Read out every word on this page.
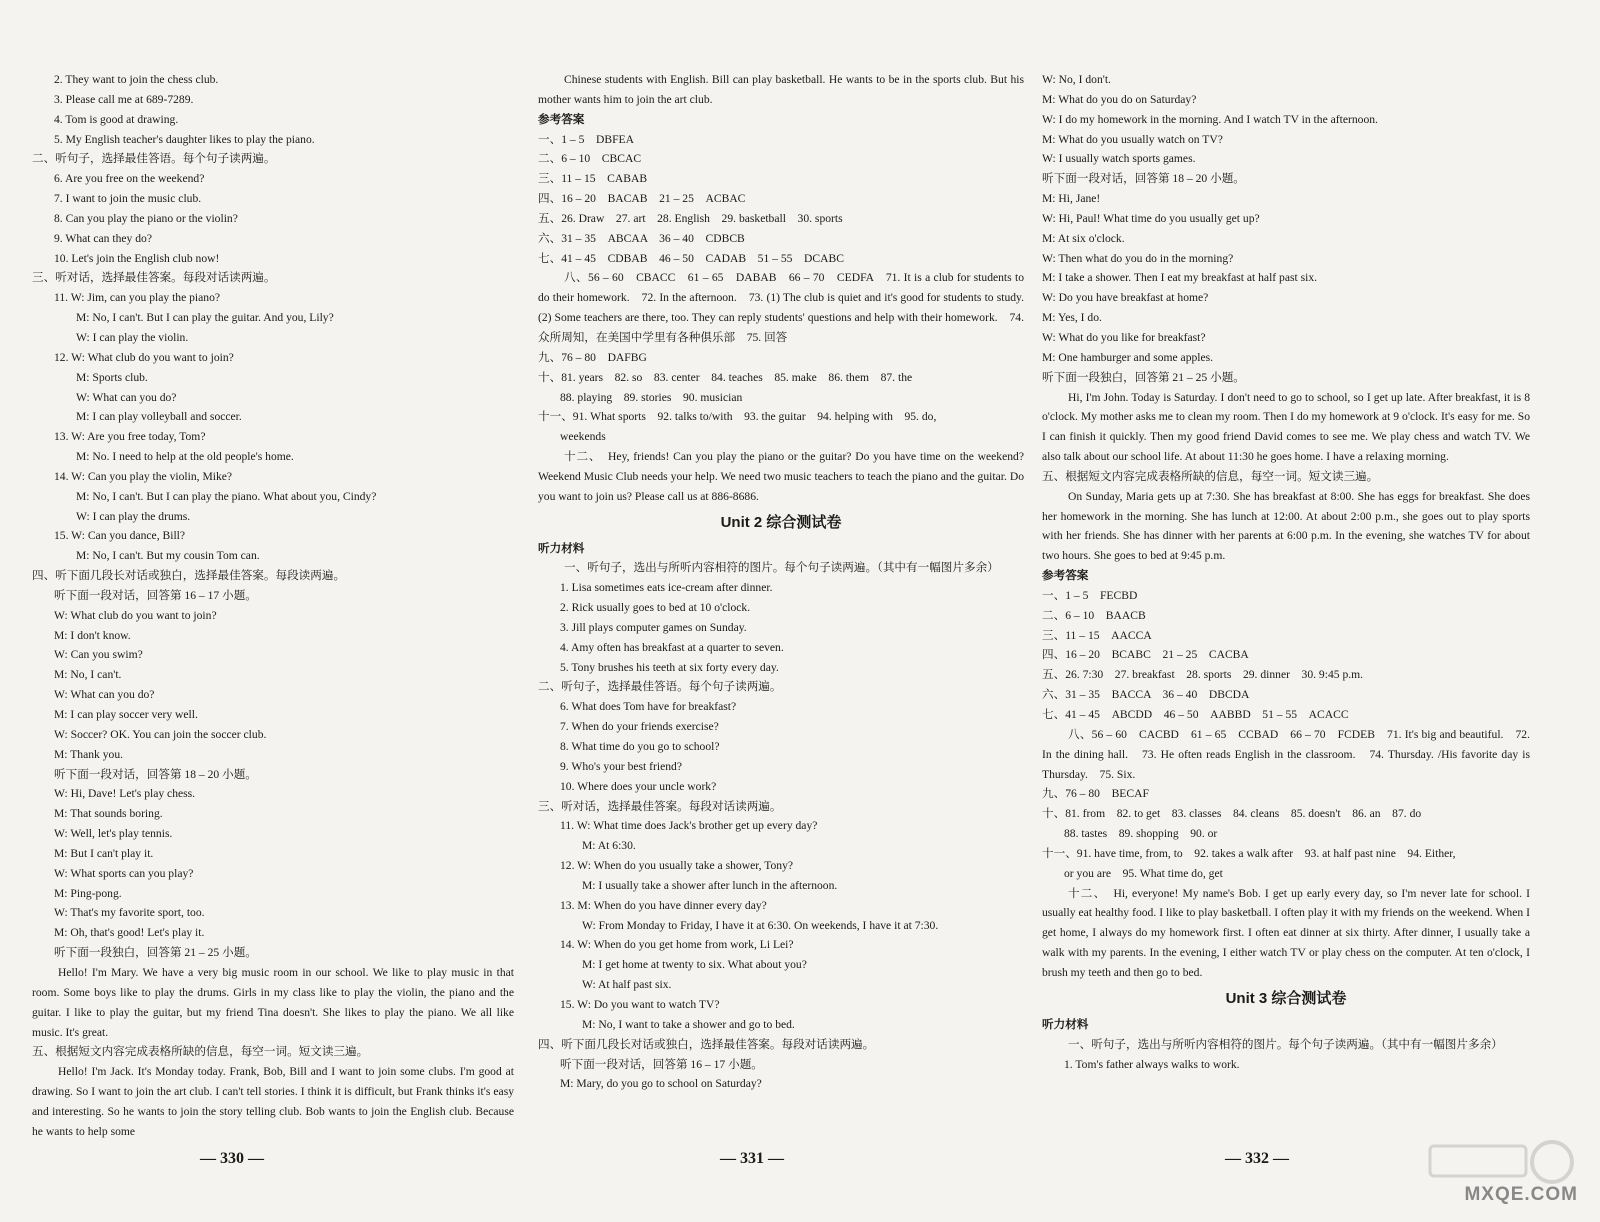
2. They want to join the chess club.
3. Please call me at 689-7289.
4. Tom is good at drawing.
5. My English teacher's daughter likes to play the piano.
二、听句子，选择最佳答语。每个句子读两遍。
6. Are you free on the weekend?
7. I want to join the music club.
8. Can you play the piano or the violin?
9. What can they do?
10. Let's join the English club now!
三、听对话，选择最佳答案。每段对话读两遍。
11. W: Jim, can you play the piano?
M: No, I can't. But I can play the guitar. And you, Lily?
W: I can play the violin.
12. W: What club do you want to join?
M: Sports club.
W: What can you do?
M: I can play volleyball and soccer.
13. W: Are you free today, Tom?
M: No. I need to help at the old people's home.
14. W: Can you play the violin, Mike?
M: No, I can't. But I can play the piano. What about you, Cindy?
W: I can play the drums.
15. W: Can you dance, Bill?
M: No, I can't. But my cousin Tom can.
四、听下面几段长对话或独白，选择最佳答案。每段读两遍。
听下面一段对话，回答第 16 – 17 小题。
W: What club do you want to join?
M: I don't know.
W: Can you swim?
M: No, I can't.
W: What can you do?
M: I can play soccer very well.
W: Soccer? OK. You can join the soccer club.
M: Thank you.
听下面一段对话，回答第 18 – 20 小题。
W: Hi, Dave! Let's play chess.
M: That sounds boring.
W: Well, let's play tennis.
M: But I can't play it.
W: What sports can you play?
M: Ping-pong.
W: That's my favorite sport, too.
M: Oh, that's good! Let's play it.
听下面一段独白，回答第 21 – 25 小题。
Hello! I'm Mary. We have a very big music room in our school. We like to play music in that room. Some boys like to play the drums. Girls in my class like to play the violin, the piano and the guitar. I like to play the guitar, but my friend Tina doesn't. She likes to play the piano. We all like music. It's great.
五、根据短文内容完成表格所缺的信息，每空一词。短文读三遍。
Hello! I'm Jack. It's Monday today. Frank, Bob, Bill and I want to join some clubs. I'm good at drawing. So I want to join the art club. I can't tell stories. I think it is difficult, but Frank thinks it's easy and interesting. So he wants to join the story telling club. Bob wants to join the English club. Because he wants to help some
Chinese students with English. Bill can play basketball. He wants to be in the sports club. But his mother wants him to join the art club.
参考答案
一、1 – 5　DBFEA
二、6 – 10　CBCAC
三、11 – 15　CABAB
四、16 – 20　BACAB　21 – 25　ACBAC
五、26. Draw　27. art　28. English　29. basketball　30. sports
六、31 – 35　ABCAA　36 – 40　CDBCB
七、41 – 45　CDBAB　46 – 50　CADAB　51 – 55　DCABC
八、56 – 60　CBACC　61 – 65　DABAB　66 – 70　CEDFA　71. It is a club for students to do their homework.　72. In the afternoon.　73. (1) The club is quiet and it's good for students to study.　(2) Some teachers are there, too. They can reply students' questions and help with their homework.　74. 众所周知，在美国中学里有各种俱乐部　75. 回答
九、76 – 80　DAFBG
十、81. years　82. so　83. center　84. teaches　85. make　86. them　87. the
88. playing　89. stories　90. musician
十一、91. What sports　92. talks to/with　93. the guitar　94. helping with　95. do,
weekends
十二、　Hey, friends! Can you play the piano or the guitar? Do you have time on the weekend? Weekend Music Club needs your help. We need two music teachers to teach the piano and the guitar. Do you want to join us? Please call us at 886-8686.
Unit 2 综合测试卷
听力材料
一、听句子，选出与所听内容相符的图片。每个句子读两遍。（其中有一幅图片多余）
1. Lisa sometimes eats ice-cream after dinner.
2. Rick usually goes to bed at 10 o'clock.
3. Jill plays computer games on Sunday.
4. Amy often has breakfast at a quarter to seven.
5. Tony brushes his teeth at six forty every day.
二、听句子，选择最佳答语。每个句子读两遍。
6. What does Tom have for breakfast?
7. When do your friends exercise?
8. What time do you go to school?
9. Who's your best friend?
10. Where does your uncle work?
三、听对话，选择最佳答案。每段对话读两遍。
11. W: What time does Jack's brother get up every day?
M: At 6:30.
12. W: When do you usually take a shower, Tony?
M: I usually take a shower after lunch in the afternoon.
13. M: When do you have dinner every day?
W: From Monday to Friday, I have it at 6:30. On weekends, I have it at 7:30.
14. W: When do you get home from work, Li Lei?
M: I get home at twenty to six. What about you?
W: At half past six.
15. W: Do you want to watch TV?
M: No, I want to take a shower and go to bed.
四、听下面几段长对话或独白，选择最佳答案。每段对话读两遍。
听下面一段对话，回答第 16 – 17 小题。
M: Mary, do you go to school on Saturday?
W: No, I don't.
M: What do you do on Saturday?
W: I do my homework in the morning. And I watch TV in the afternoon.
M: What do you usually watch on TV?
W: I usually watch sports games.
听下面一段对话，回答第 18 – 20 小题。
M: Hi, Jane!
W: Hi, Paul! What time do you usually get up?
M: At six o'clock.
W: Then what do you do in the morning?
M: I take a shower. Then I eat my breakfast at half past six.
W: Do you have breakfast at home?
M: Yes, I do.
W: What do you like for breakfast?
M: One hamburger and some apples.
听下面一段独白，回答第 21 – 25 小题。
Hi, I'm John. Today is Saturday. I don't need to go to school, so I get up late. After breakfast, it is 8 o'clock. My mother asks me to clean my room. Then I do my homework at 9 o'clock. It's easy for me. So I can finish it quickly. Then my good friend David comes to see me. We play chess and watch TV. We also talk about our school life. At about 11:30 he goes home. I have a relaxing morning.
五、根据短文内容完成表格所缺的信息，每空一词。短文读三遍。
On Sunday, Maria gets up at 7:30. She has breakfast at 8:00. She has eggs for breakfast. She does her homework in the morning. She has lunch at 12:00. At about 2:00 p.m., she goes out to play sports with her friends. She has dinner with her parents at 6:00 p.m. In the evening, she watches TV for about two hours. She goes to bed at 9:45 p.m.
参考答案
一、1 – 5　FECBD
二、6 – 10　BAACB
三、11 – 15　AACCA
四、16 – 20　BCABC　21 – 25　CACBA
五、26. 7:30　27. breakfast　28. sports　29. dinner　30. 9:45 p.m.
六、31 – 35　BACCA　36 – 40　DBCDA
七、41 – 45　ABCDD　46 – 50　AABBD　51 – 55　ACACC
八、56 – 60　CACBD　61 – 65　CCBAD　66 – 70　FCDEB　71. It's big and beautiful.　72. In the dining hall.　73. He often reads English in the classroom.　74. Thursday. /His favorite day is Thursday.　75. Six.
九、76 – 80　BECAF
十、81. from　82. to get　83. classes　84. cleans　85. doesn't　86. an　87. do
88. tastes　89. shopping　90. or
十一、91. have time, from, to　92. takes a walk after　93. at half past nine　94. Either,
or you are　95. What time do, get
十二、　Hi, everyone! My name's Bob. I get up early every day, so I'm never late for school. I usually eat healthy food. I like to play basketball. I often play it with my friends on the weekend. When I get home, I always do my homework first. I often eat dinner at six thirty. After dinner, I usually take a walk with my parents. In the evening, I either watch TV or play chess on the computer. At ten o'clock, I brush my teeth and then go to bed.
Unit 3 综合测试卷
听力材料
一、听句子，选出与所听内容相符的图片。每个句子读两遍。（其中有一幅图片多余）
1. Tom's father always walks to work.
— 330 —	— 331 —	— 332 —
MXQE.COM
